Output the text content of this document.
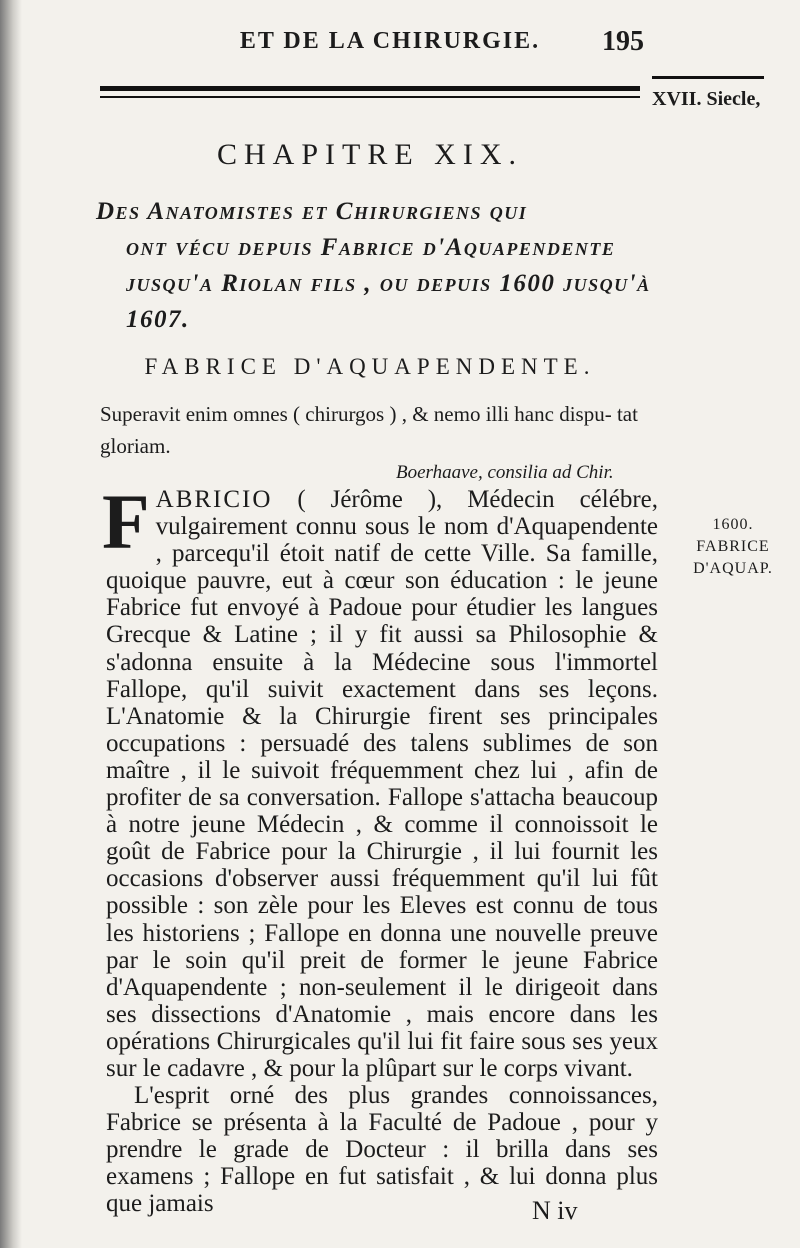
ET DE LA CHIRURGIE.	195
XVII. Siecle,
CHAPITRE XIX.
Des Anatomistes et Chirurgiens qui
ont vécu depuis Fabrice d'Aquapendente
jusqu'a Riolan fils , ou depuis 1600 jusqu'à
1607.
FABRICE D'AQUAPENDENTE.
Superavit enim omnes ( chirurgos ) , & nemo illi hanc dispu- tat gloriam.
Boerhaave, consilia ad Chir.
1600.
FABRICE
D'AQUAP.

FABRICIO ( Jérôme ), Médecin célébre, vulgairement connu sous le nom d'Aquapendente , parcequ'il étoit natif de cette Ville. Sa famille, quoique pauvre, eut à cœur son éducation : le jeune Fabrice fut envoyé à Padoue pour étudier les langues Grecque & Latine ; il y fit aussi sa Philosophie & s'adonna ensuite à la Médecine sous l'immortel Fallope, qu'il suivit exactement dans ses leçons. L'Anatomie & la Chirurgie firent ses principales occupations : persuadé des talens sublimes de son maître , il le suivoit fréquemment chez lui , afin de profiter de sa conversation. Fallope s'attacha beaucoup à notre jeune Médecin , & comme il connoissoit le goût de Fabrice pour la Chirurgie , il lui fournit les occasions d'observer aussi fréquemment qu'il lui fût possible : son zèle pour les Eleves est connu de tous les historiens ; Fallope en donna une nouvelle preuve par le soin qu'il preit de former le jeune Fabrice d'Aquapendente ; non-seulement il le dirigeoit dans ses dissections d'Anatomie , mais encore dans les opérations Chirurgicales qu'il lui fit faire sous ses yeux sur le cadavre , & pour la plûpart sur le corps vivant.

L'esprit orné des plus grandes connoissances, Fabrice se présenta à la Faculté de Padoue , pour y prendre le grade de Docteur : il brilla dans ses examens ; Fallope en fut satisfait , & lui donna plus que jamais	N iv
